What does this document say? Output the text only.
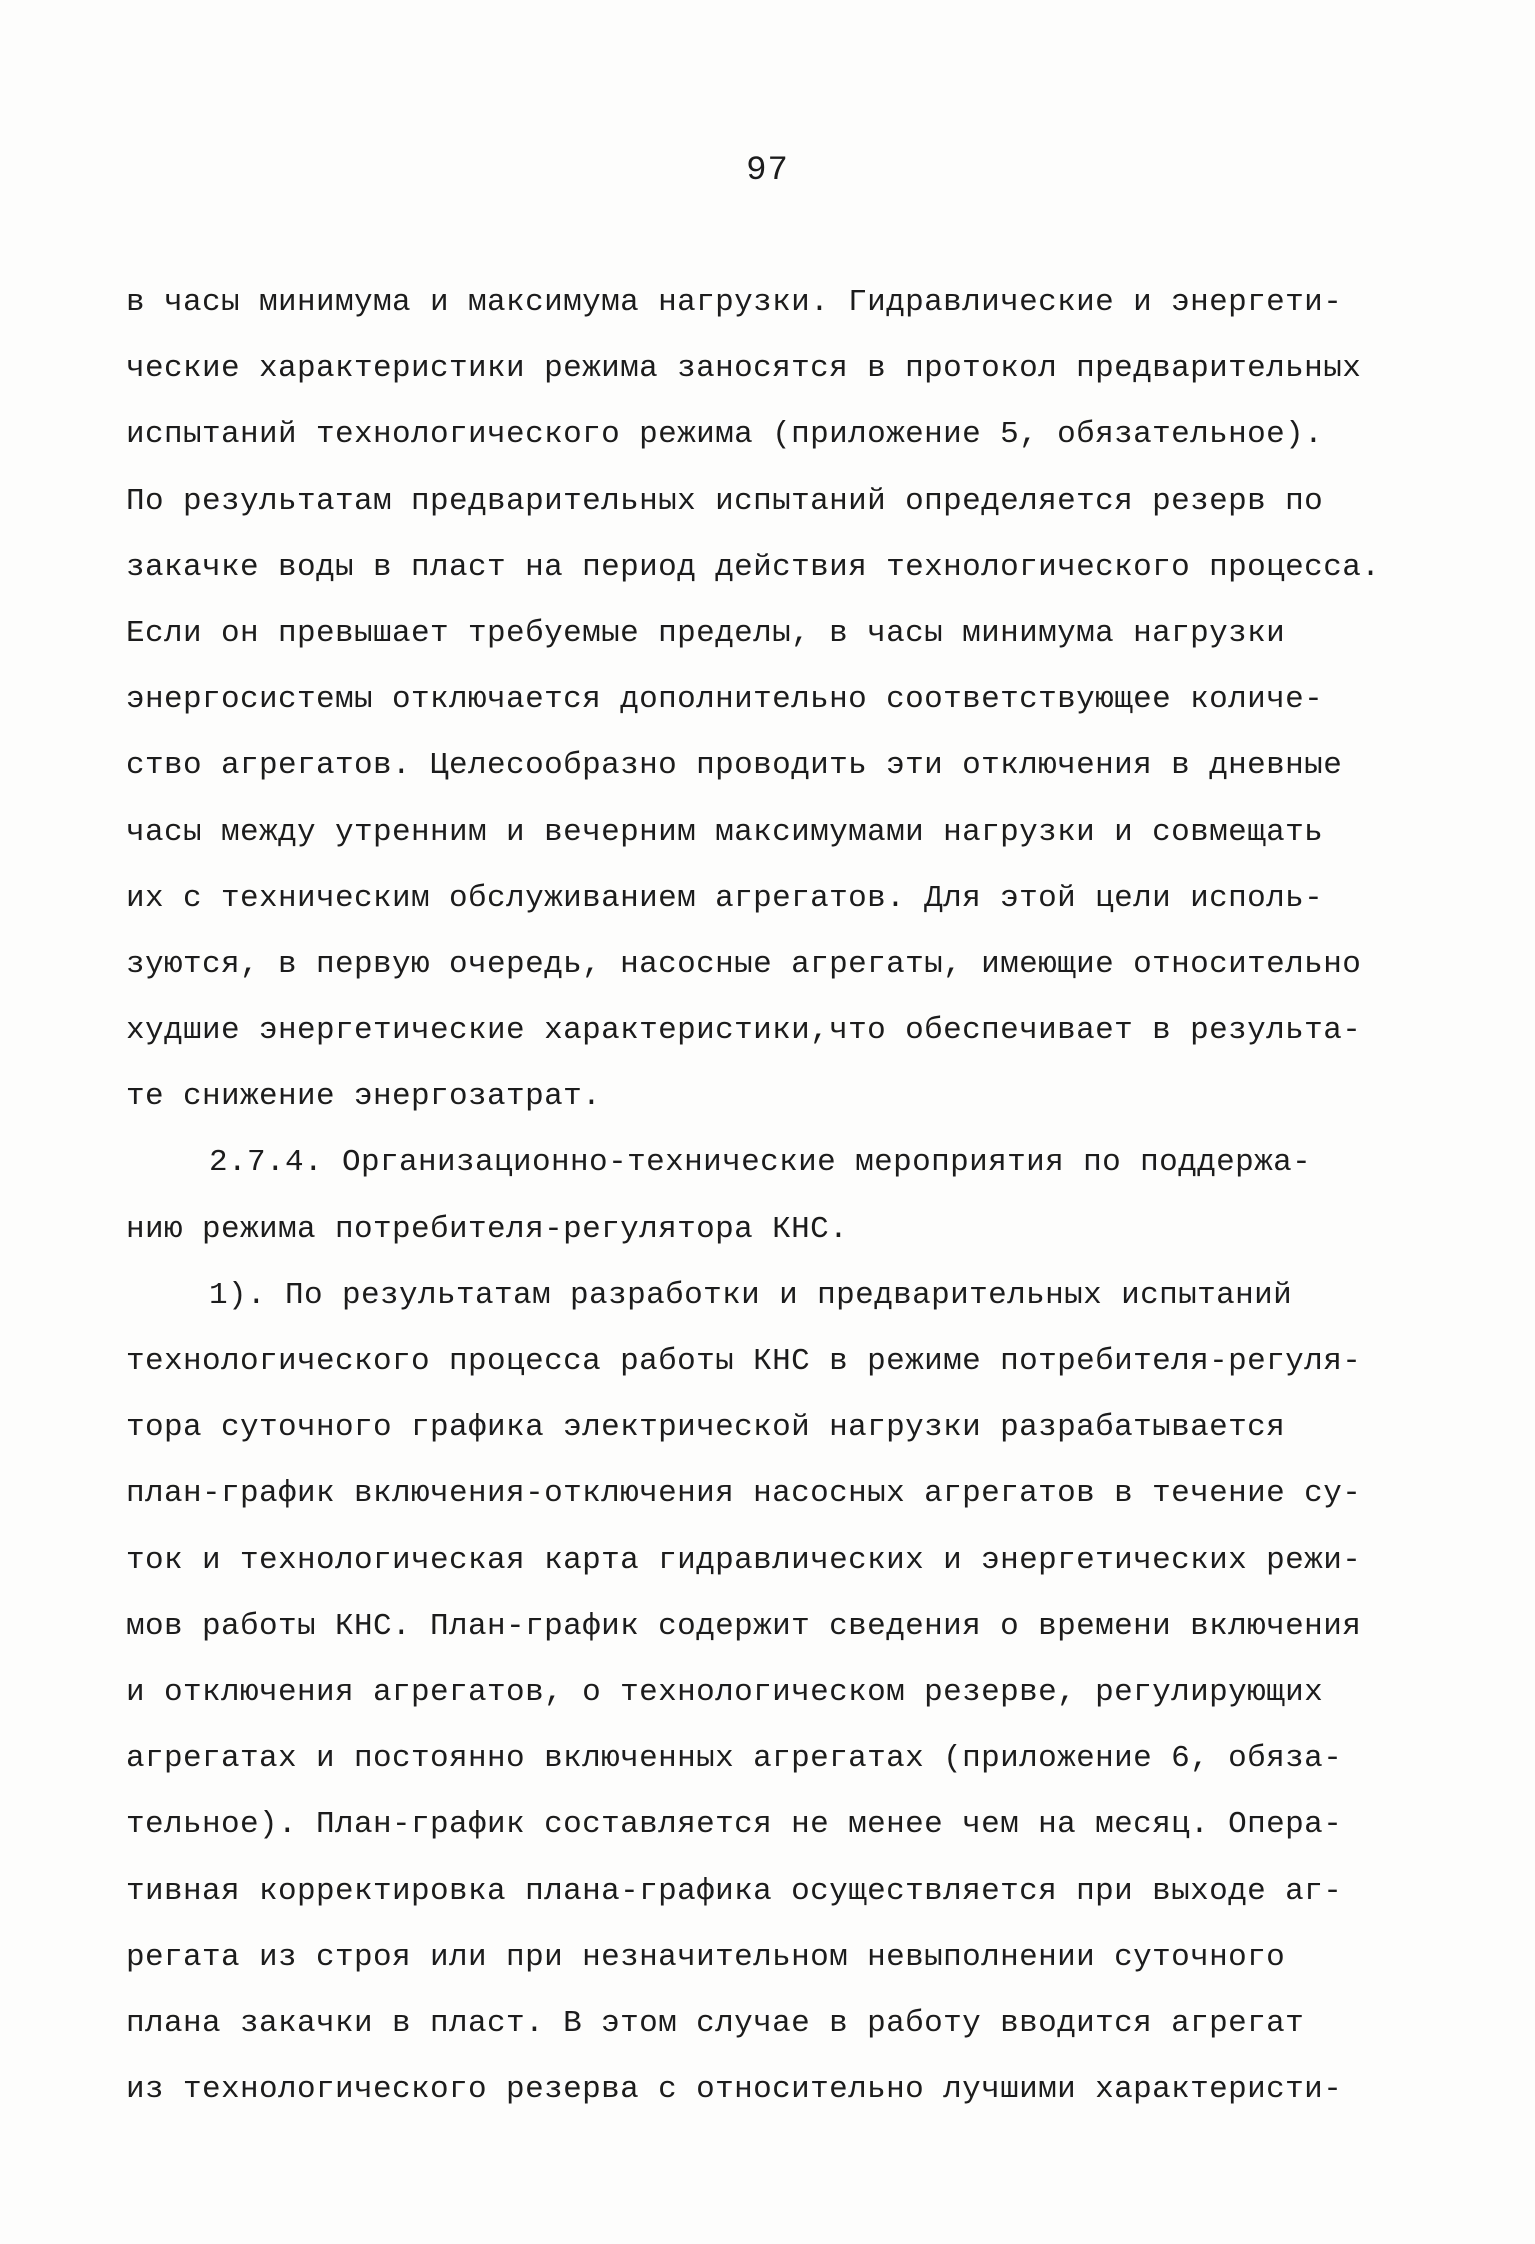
97
в часы минимума и максимума нагрузки. Гидравлические и энергети-
ческие характеристики режима заносятся в протокол предварительных
испытаний технологического режима (приложение 5, обязательное).
По результатам предварительных испытаний определяется резерв по
закачке воды в пласт на период действия технологического процесса.
Если он превышает требуемые пределы, в часы минимума нагрузки
энергосистемы отключается дополнительно соответствующее количе-
ство агрегатов. Целесообразно проводить эти отключения в дневные
часы между утренним и вечерним максимумами нагрузки и совмещать
их с техническим обслуживанием агрегатов. Для этой цели исполь-
зуются, в первую очередь, насосные агрегаты, имеющие относительно
худшие энергетические характеристики,что обеспечивает в результа-
те снижение энергозатрат.
2.7.4. Организационно-технические мероприятия по поддержа-
нию режима потребителя-регулятора КНС.
1). По результатам разработки и предварительных испытаний
технологического процесса работы КНС в режиме потребителя-регуля-
тора суточного графика электрической нагрузки разрабатывается
план-график включения-отключения насосных агрегатов в течение су-
ток и технологическая карта гидравлических и энергетических режи-
мов работы КНС. План-график содержит сведения о времени включения
и отключения агрегатов, о технологическом резерве, регулирующих
агрегатах и постоянно включенных агрегатах (приложение 6, обяза-
тельное). План-график составляется не менее чем на месяц. Опера-
тивная корректировка плана-графика осуществляется при выходе аг-
регата из строя или при незначительном невыполнении суточного
плана закачки в пласт. В этом случае в работу вводится агрегат
из технологического резерва с относительно лучшими характеристи-
